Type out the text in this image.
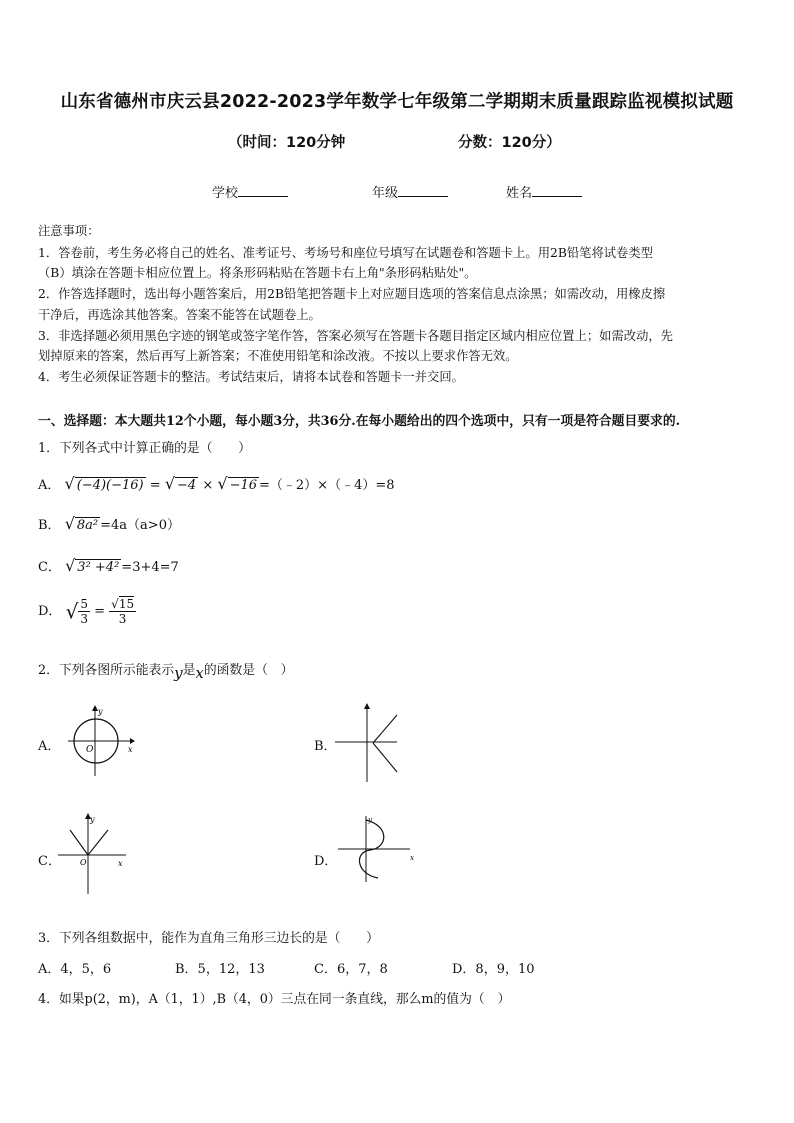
山东省德州市庆云县2022-2023学年数学七年级第二学期期末质量跟踪监视模拟试题
（时间：120分钟	分数：120分）
学校	年级	姓名
注意事项：
1．答卷前，考生务必将自己的姓名、准考证号、考场号和座位号填写在试题卷和答题卡上。用2B铅笔将试卷类型
（B）填涂在答题卡相应位置上。将条形码粘贴在答题卡右上角"条形码粘贴处"。
2．作答选择题时，选出每小题答案后，用2B铅笔把答题卡上对应题目选项的答案信息点涂黑；如需改动，用橡皮擦
干净后，再选涂其他答案。答案不能答在试题卷上。
3．非选择题必须用黑色字迹的钢笔或签字笔作答，答案必须写在答题卡各题目指定区域内相应位置上；如需改动，先
划掉原来的答案，然后再写上新答案；不准使用铅笔和涂改液。不按以上要求作答无效。
4．考生必须保证答题卡的整洁。考试结束后，请将本试卷和答题卡一并交回。
一、选择题：本大题共12个小题，每小题3分，共36分.在每小题给出的四个选项中，只有一项是符合题目要求的.
1．下列各式中计算正确的是（　　）
A． √ (−4)(−16) = √ −4 × √ −16 =（﹣2）×（﹣4）=8
B． √ 8a² =4a（a>0）
C． √ 3² +4² =3+4=7
D． √ $\frac{5}{3} = \frac{√15}{3}$
2．下列各图所示能表示y是x的函数是（　）
A．
y
x
O	B．
C．
y
x
O	D．
y
x
3．下列各组数据中，能作为直角三角形三边长的是（　　）
A．4，5，6	B．5，12，13	C．6，7，8	D．8，9，10
4．如果p(2，m)，A（1，1）,B（4，0）三点在同一条直线，那么m的值为（　）
